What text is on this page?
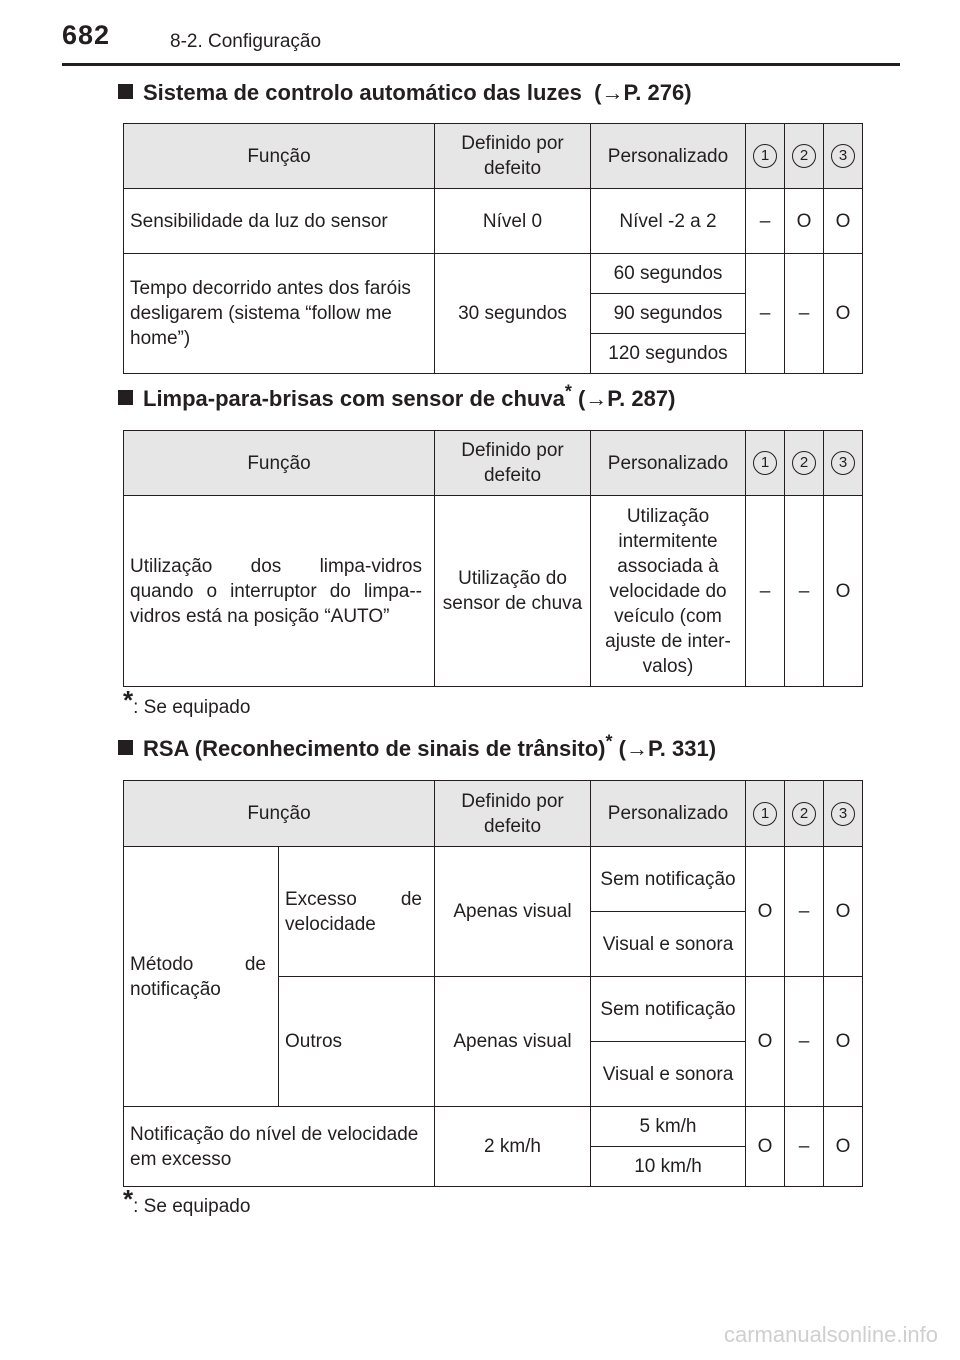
682	8-2. Configuração
Sistema de controlo automático das luzes (→P. 276)
Função	Definido por defeito	Personalizado	1	2	3
Sensibilidade da luz do sensor	Nível 0	Nível -2 a 2	–	O	O
Tempo decorrido antes dos faróis desligarem (sistema “follow me home”)	30 segundos	60 segundos	–	–	O
		90 segundos			
		120 segundos			
Limpa-para-brisas com sensor de chuva* (→P. 287)
Função	Definido por defeito	Personalizado	1	2	3
Utilização dos limpa-vidros quando o interruptor do limpa--vidros está na posição “AUTO”	Utilização do sensor de chuva	Utilização intermitente associada à velocidade do veículo (com ajuste de inter-valos)	–	–	O
*: Se equipado
RSA (Reconhecimento de sinais de trânsito)* (→P. 331)
Função		Definido por defeito	Personalizado	1	2	3
Método de notificação	Excesso de velocidade	Apenas visual	Sem notificação	O	–	O
			Visual e sonora			
	Outros	Apenas visual	Sem notificação	O	–	O
			Visual e sonora			
Notificação do nível de velocidade em excesso		2 km/h	5 km/h	O	–	O
			10 km/h			
*: Se equipado
carmanualsonline.info
